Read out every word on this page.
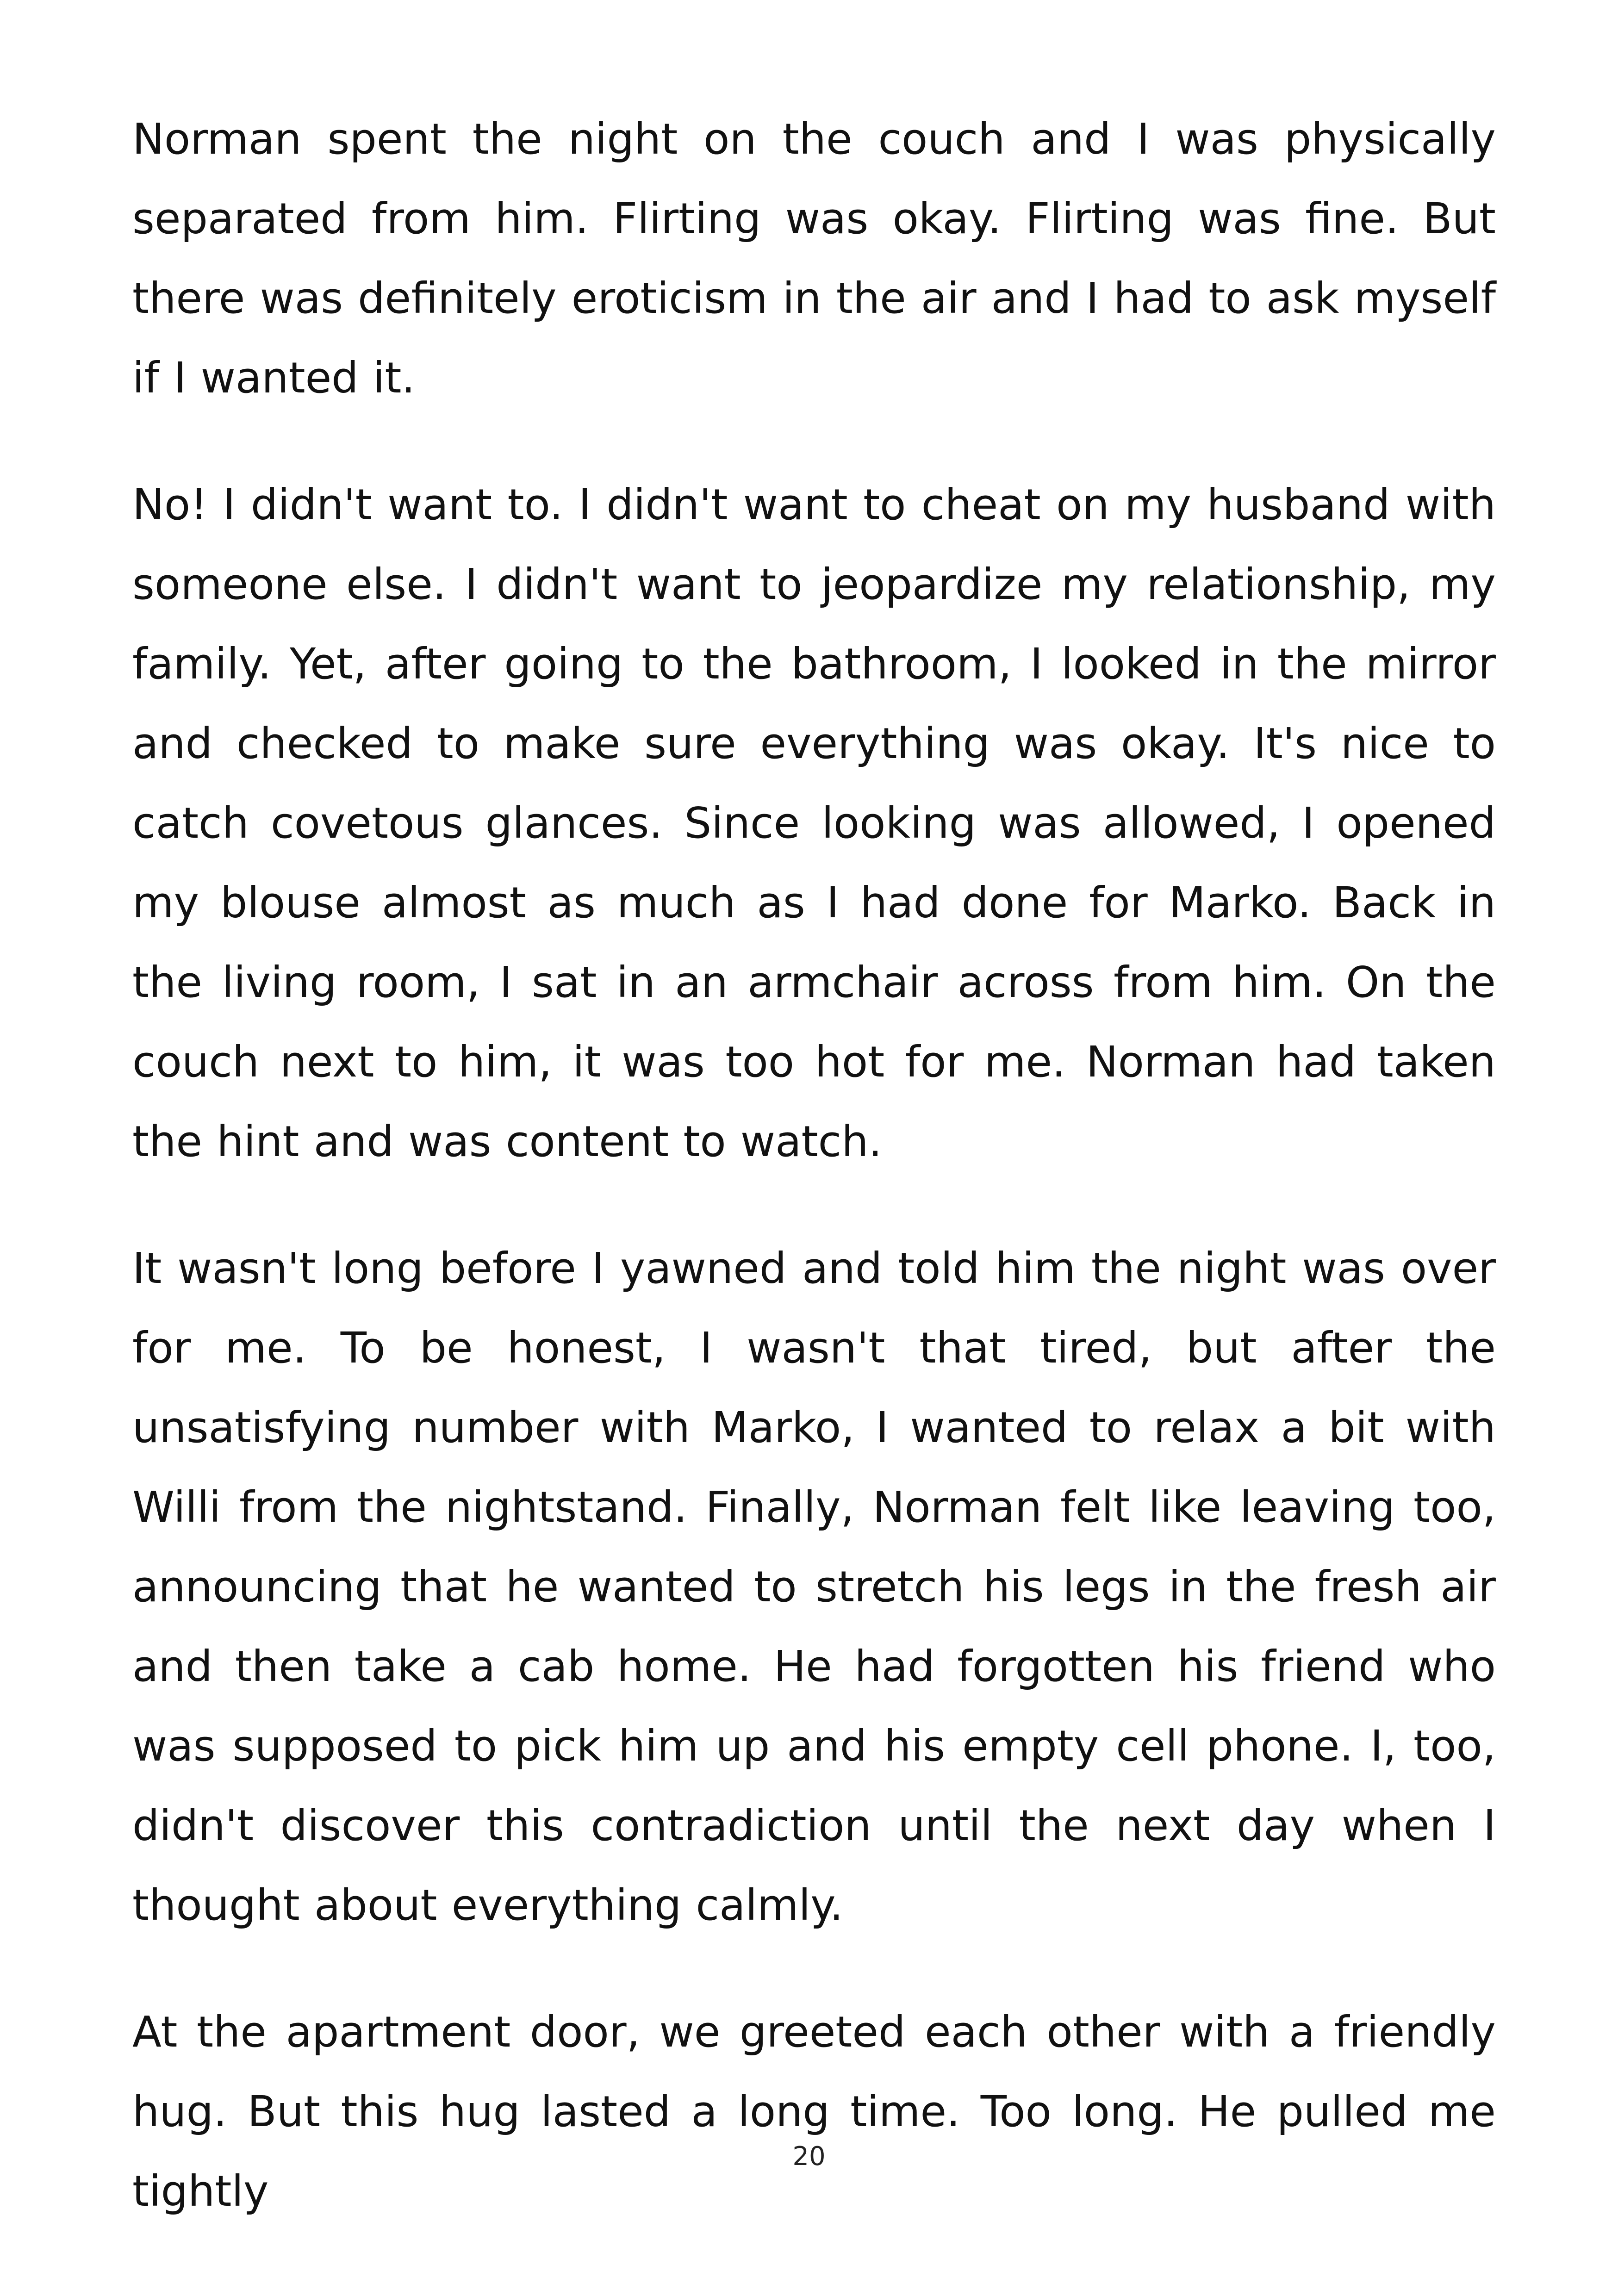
Norman spent the night on the couch and I was physically separated from him. Flirting was okay. Flirting was fine. But there was definitely eroticism in the air and I had to ask myself if I wanted it.

No! I didn't want to. I didn't want to cheat on my husband with someone else. I didn't want to jeopardize my relationship, my family. Yet, after going to the bathroom, I looked in the mirror and checked to make sure everything was okay. It's nice to catch covetous glances. Since looking was allowed, I opened my blouse almost as much as I had done for Marko. Back in the living room, I sat in an armchair across from him. On the couch next to him, it was too hot for me. Norman had taken the hint and was content to watch.

It wasn't long before I yawned and told him the night was over for me. To be honest, I wasn't that tired, but after the unsatisfying number with Marko, I wanted to relax a bit with Willi from the nightstand. Finally, Norman felt like leaving too, announcing that he wanted to stretch his legs in the fresh air and then take a cab home. He had forgotten his friend who was supposed to pick him up and his empty cell phone. I, too, didn't discover this contradiction until the next day when I thought about everything calmly.

At the apartment door, we greeted each other with a friendly hug. But this hug lasted a long time. Too long. He pulled me tightly

20
